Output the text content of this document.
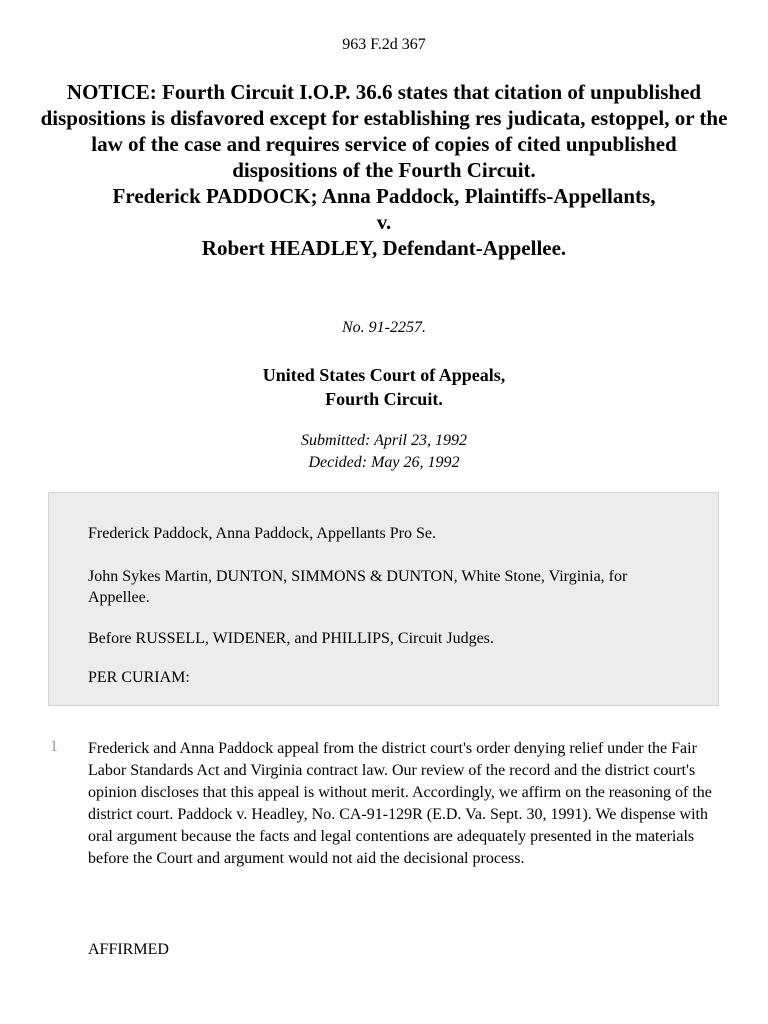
963 F.2d 367
NOTICE: Fourth Circuit I.O.P. 36.6 states that citation of unpublished dispositions is disfavored except for establishing res judicata, estoppel, or the law of the case and requires service of copies of cited unpublished dispositions of the Fourth Circuit.
Frederick PADDOCK; Anna Paddock, Plaintiffs-Appellants,
v.
Robert HEADLEY, Defendant-Appellee.
No. 91-2257.
United States Court of Appeals,
Fourth Circuit.
Submitted: April 23, 1992
Decided: May 26, 1992

Frederick Paddock, Anna Paddock, Appellants Pro Se.

John Sykes Martin, DUNTON, SIMMONS & DUNTON, White Stone, Virginia, for Appellee.

Before RUSSELL, WIDENER, and PHILLIPS, Circuit Judges.

PER CURIAM:

1 Frederick and Anna Paddock appeal from the district court's order denying relief under the Fair Labor Standards Act and Virginia contract law. Our review of the record and the district court's opinion discloses that this appeal is without merit. Accordingly, we affirm on the reasoning of the district court. Paddock v. Headley, No. CA-91-129R (E.D. Va. Sept. 30, 1991). We dispense with oral argument because the facts and legal contentions are adequately presented in the materials before the Court and argument would not aid the decisional process.

AFFIRMED
